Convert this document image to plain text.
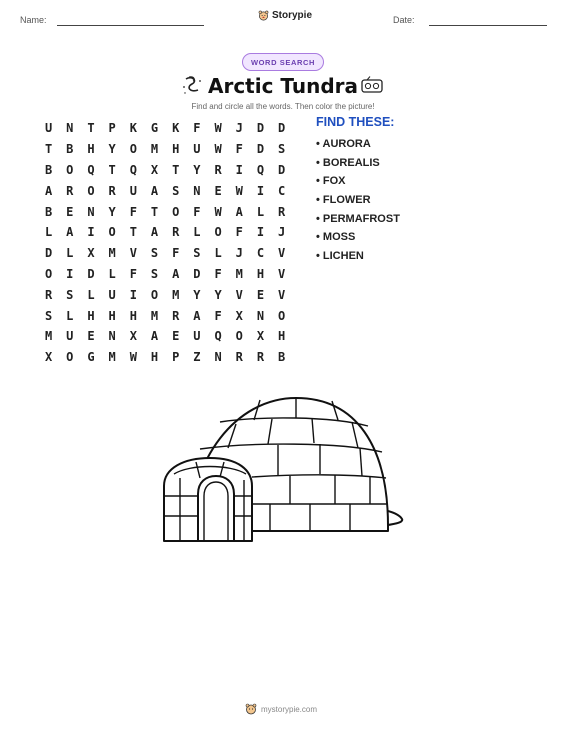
Name:	Storypie	Date:
WORD SEARCH
Arctic Tundra

Find and circle all the words. Then color the picture!

U	N	T	P	K	G	K	F	W	J	D	D
T	B	H	Y	O	M	H	U	W	F	D	S
B	O	Q	T	Q	X	T	Y	R	I	Q	D
A	R	O	R	U	A	S	N	E	W	I	C
B	E	N	Y	F	T	O	F	W	A	L	R
L	A	I	O	T	A	R	L	O	F	I	J
D	L	X	M	V	S	F	S	L	J	C	V
O	I	D	L	F	S	A	D	F	M	H	V
R	S	L	U	I	O	M	Y	Y	V	E	V
S	L	H	H	H	M	R	A	F	X	N	O
M	U	E	N	X	A	E	U	Q	O	X	H
X	O	G	M	W	H	P	Z	N	R	R	B
FIND THESE:
• AURORA
• BOREALIS
• FOX
• FLOWER
• PERMAFROST
• MOSS
• LICHEN
mystorypie.com
